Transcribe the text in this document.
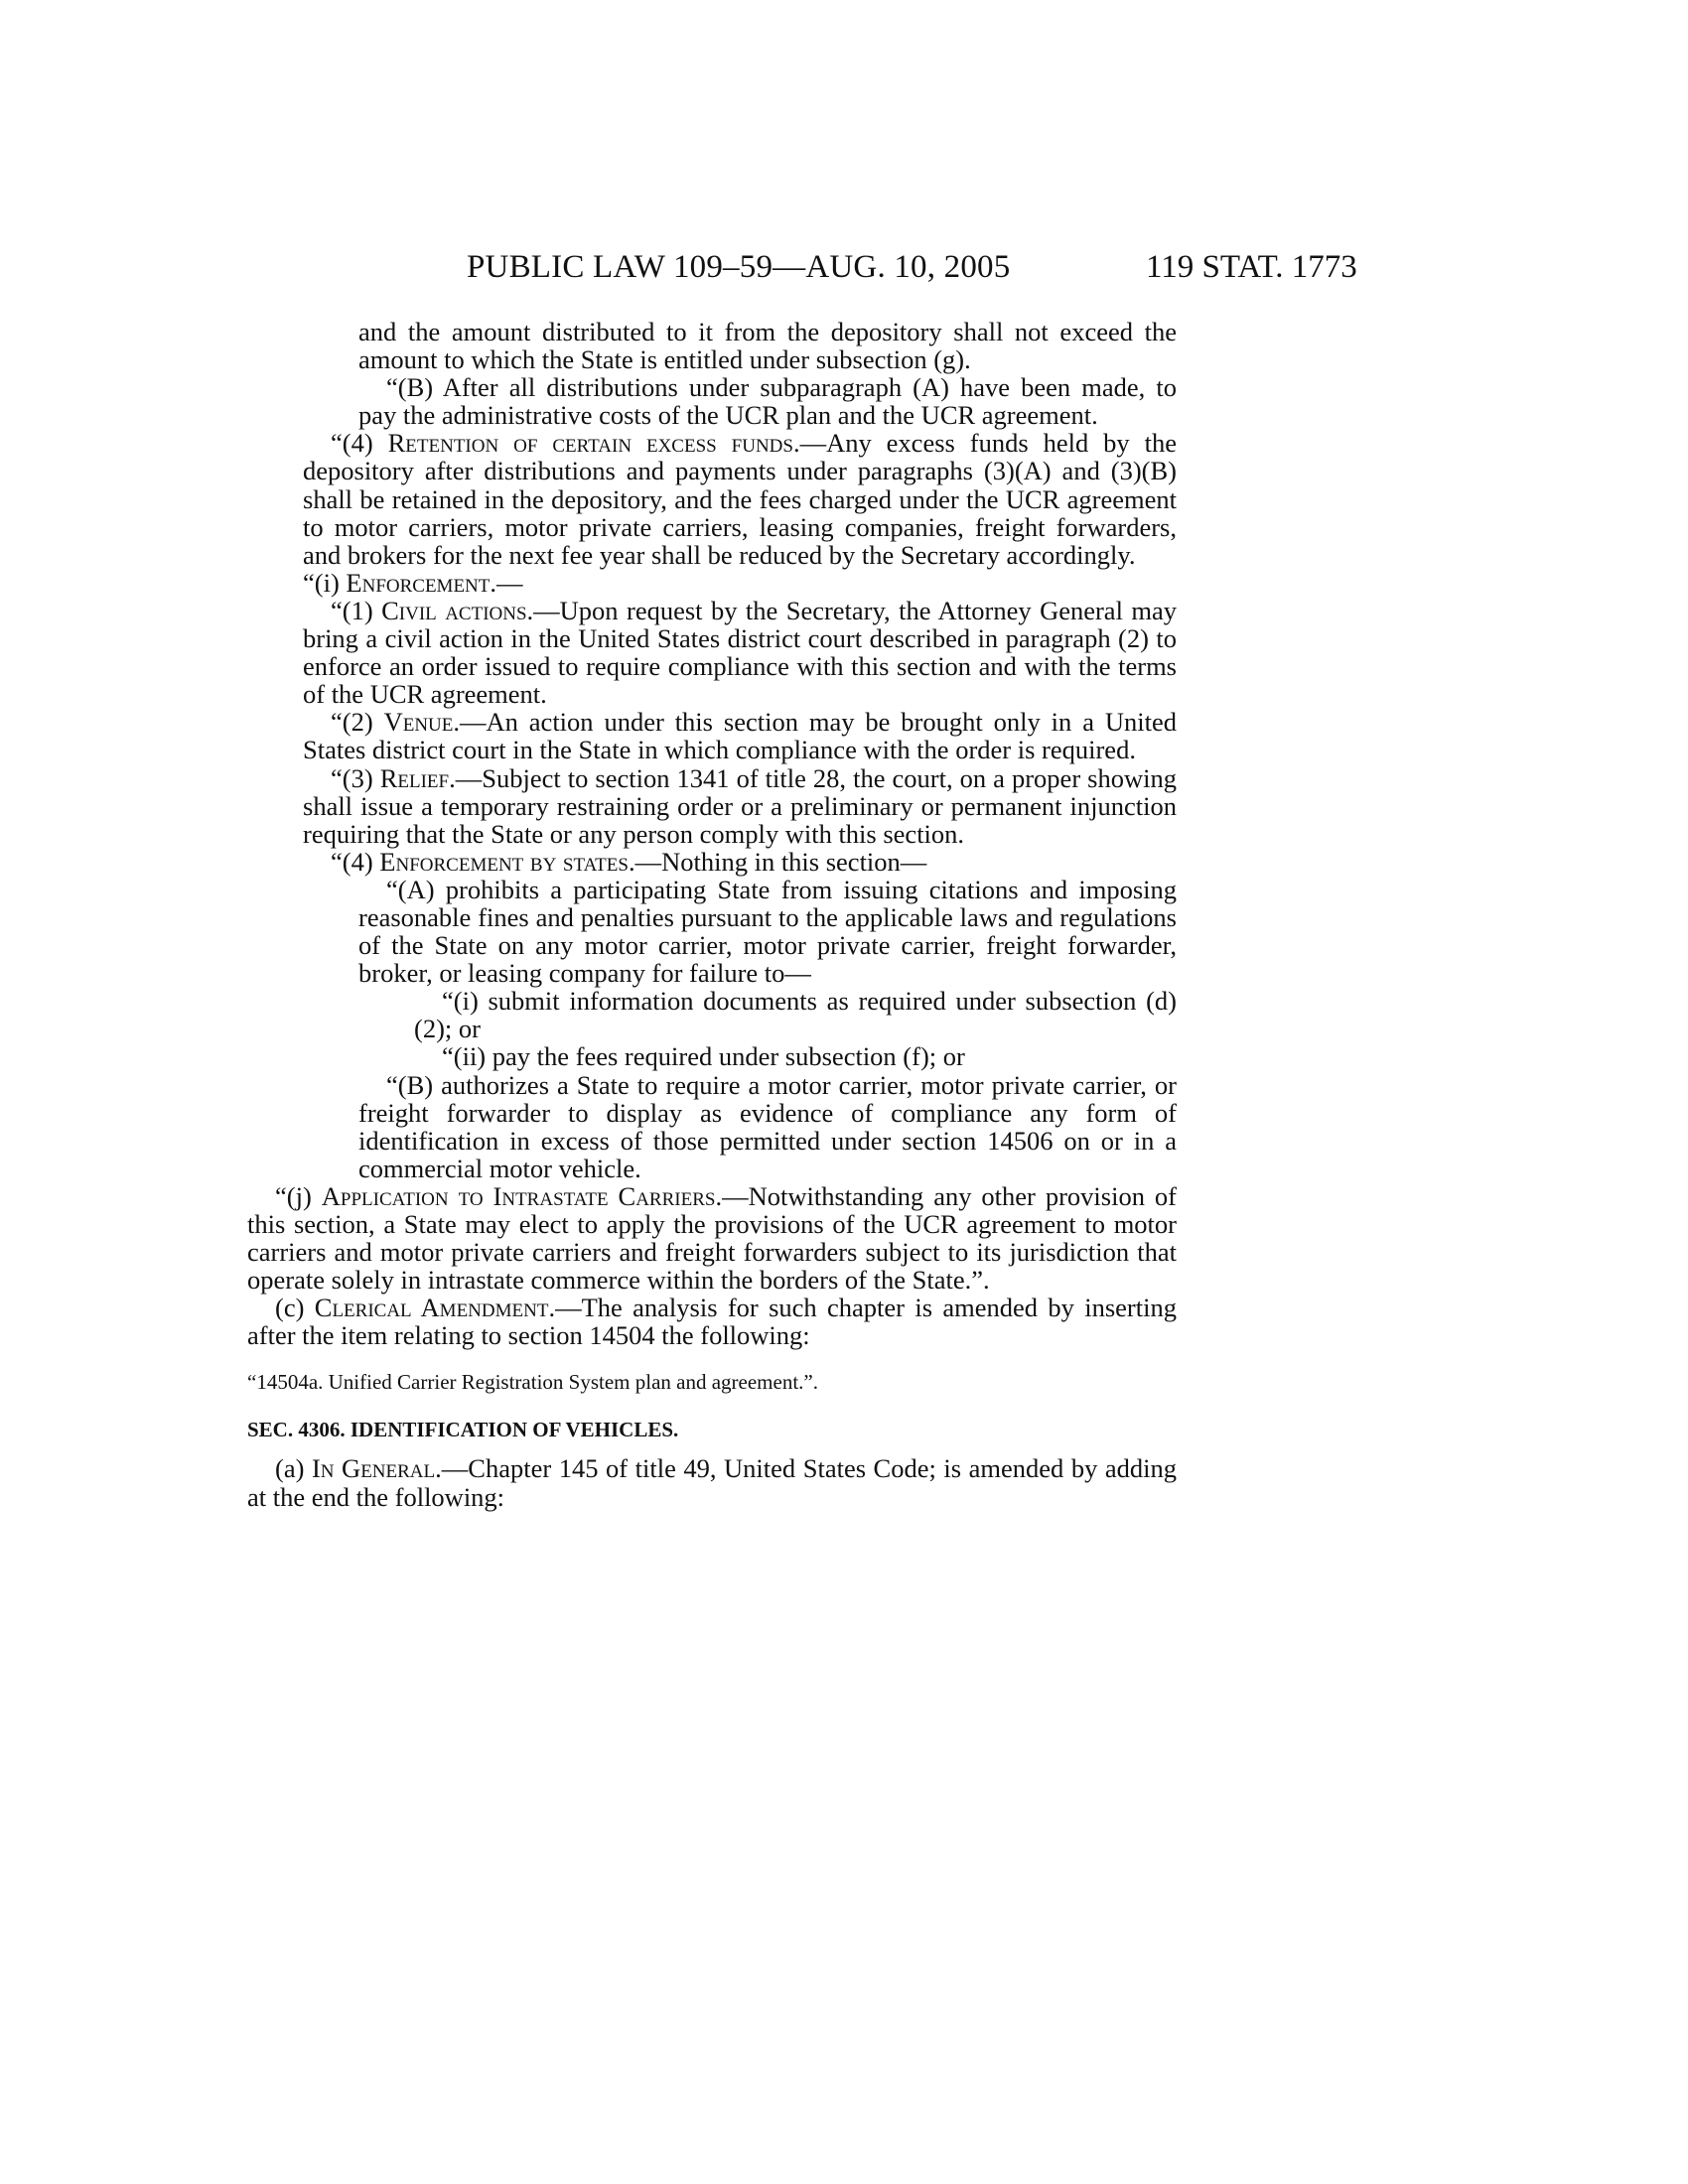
PUBLIC LAW 109–59—AUG. 10, 2005	119 STAT. 1773

and the amount distributed to it from the depository shall not exceed the amount to which the State is entitled under subsection (g).

“(B) After all distributions under subparagraph (A) have been made, to pay the administrative costs of the UCR plan and the UCR agreement.

“(4) Retention of certain excess funds.—Any excess funds held by the depository after distributions and payments under paragraphs (3)(A) and (3)(B) shall be retained in the depository, and the fees charged under the UCR agreement to motor carriers, motor private carriers, leasing companies, freight forwarders, and brokers for the next fee year shall be reduced by the Secretary accordingly.

“(i) Enforcement.—

“(1) Civil actions.—Upon request by the Secretary, the Attorney General may bring a civil action in the United States district court described in paragraph (2) to enforce an order issued to require compliance with this section and with the terms of the UCR agreement.

“(2) Venue.—An action under this section may be brought only in a United States district court in the State in which compliance with the order is required.

“(3) Relief.—Subject to section 1341 of title 28, the court, on a proper showing shall issue a temporary restraining order or a preliminary or permanent injunction requiring that the State or any person comply with this section.

“(4) Enforcement by states.—Nothing in this section—

“(A) prohibits a participating State from issuing citations and imposing reasonable fines and penalties pursuant to the applicable laws and regulations of the State on any motor carrier, motor private carrier, freight forwarder, broker, or leasing company for failure to—

“(i) submit information documents as required under subsection (d)(2); or

“(ii) pay the fees required under subsection (f); or

“(B) authorizes a State to require a motor carrier, motor private carrier, or freight forwarder to display as evidence of compliance any form of identification in excess of those permitted under section 14506 on or in a commercial motor vehicle.

“(j) Application to Intrastate Carriers.—Notwithstanding any other provision of this section, a State may elect to apply the provisions of the UCR agreement to motor carriers and motor private carriers and freight forwarders subject to its jurisdiction that operate solely in intrastate commerce within the borders of the State.”.

(c) Clerical Amendment.—The analysis for such chapter is amended by inserting after the item relating to section 14504 the following:

“14504a. Unified Carrier Registration System plan and agreement.”.

SEC. 4306. IDENTIFICATION OF VEHICLES.

(a) In General.—Chapter 145 of title 49, United States Code; is amended by adding at the end the following:
